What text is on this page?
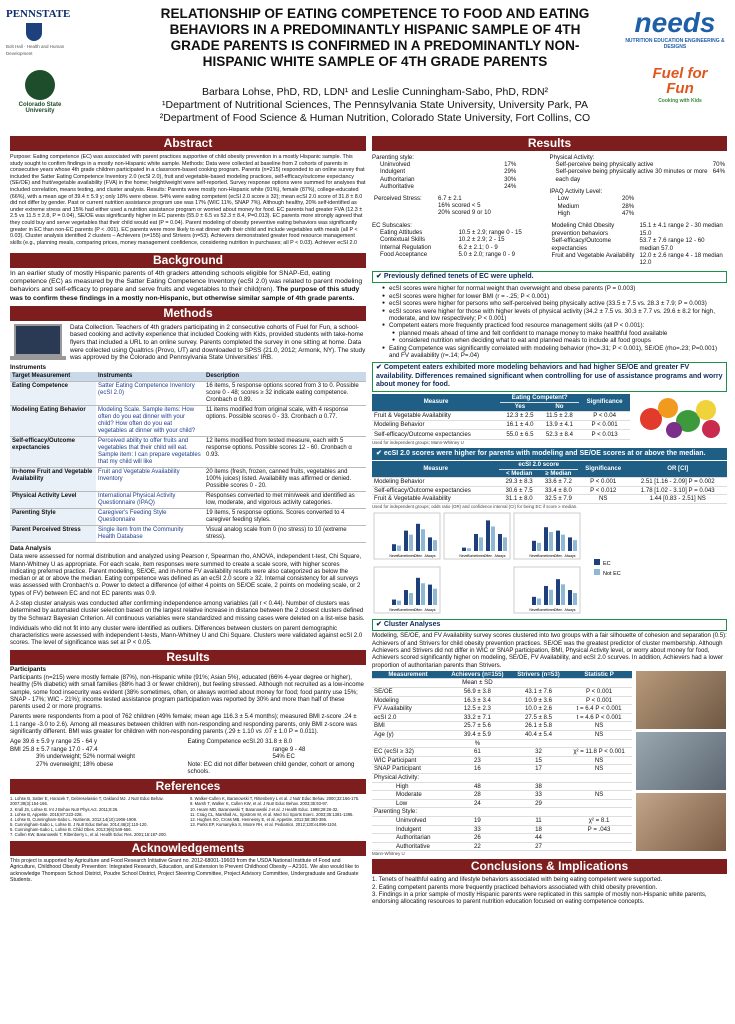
PENNSTATE
Bolt Hall · Health and Human Development
Colorado State University
RELATIONSHIP OF EATING COMPETENCE TO FOOD AND EATING BEHAVIORS IN A PREDOMINANTLY HISPANIC SAMPLE OF 4TH GRADE PARENTS IS CONFIRMED IN A PREDOMINANTLY NON-HISPANIC WHITE SAMPLE OF 4TH GRADE PARENTS
Barbara Lohse, PhD, RD, LDN¹ and Leslie Cunningham-Sabo, PhD, RDN²
¹Department of Nutritional Sciences, The Pennsylvania State University, University Park, PA
²Department of Food Science & Human Nutrition, Colorado State University, Fort Collins, CO
needs
NUTRITION EDUCATION ENGINEERING & DESIGNS
Fuel for Fun
Cooking with Kids
Abstract
Purpose: Eating competence (EC) was associated with parent practices supportive of child obesity prevention in a mostly Hispanic sample. This study sought to confirm findings in a mostly non-Hispanic white sample. Methods: Data were collected at baseline from 2 cohorts of parents in consecutive years whose 4th grade children participated in a classroom-based cooking program. Parents (n=215) responded to an online survey that included the Satter Eating Competence Inventory 2.0 (ecSI 2.0), fruit and vegetable-based modeling practices, self-efficacy/outcome expectancy (SE/OE) and fruit/vegetable availability (FVA) in the home; height/weight were self-reported. Survey response options were summed for analyses that included correlation, means testing, and cluster analysis. Results: Parents were mostly non-Hispanic white (91%), female (87%), college-educated (66%), with a mean age of 39.4 ± 5.9 y; only 18% were obese. 54% were eating competent (ecSI 2.0 score ≥ 32); mean ecSI 2.0 score of 31.8 ± 8.0 did not differ by gender. Past or current nutrition assistance program use was 17% (WIC 11%, SNAP 7%). Although healthy, 20% self-identified as under extreme stress and 15% had either used a nutrition assistance program or worried about money for food. EC parents had greater FVA (12.3 ± 2.5 vs 11.5 ± 2.8, P = 0.04), SE/OE was significantly higher in EC parents (55.0 ± 6.5 vs 52.3 ± 8.4, P=0.013). EC parents more strongly agreed that they could buy and serve vegetables that their child would eat (P = 0.04). Parent modeling of obesity preventive eating behaviors was significantly greater in EC than non-EC parents (P < .001). EC parents were more likely to eat dinner with their child and include vegetables with meals (all P < 0.03). Cluster analysis identified 2 clusters – Achievers (n=155) and Strivers (n=53). Achievers demonstrated greater food resource management skills (e.g., planning meals, comparing prices, money management confidence, considering nutrition in purchases; all P < 0.03). Achiever ecSI 2.0
Background
In an earlier study of mostly Hispanic parents of 4th graders attending schools eligible for SNAP-Ed, eating competence (EC) as measured by the Satter Eating Competence Inventory (ecSI 2.0) was related to parent modeling behaviors and self-efficacy to prepare and serve fruits and vegetables to their child(ren). The purpose of this study was to confirm these findings in a mostly non-Hispanic, but otherwise similar sample of 4th grade parents.
Methods
Data Collection. Teachers of 4th graders participating in 2 consecutive cohorts of Fuel for Fun, a school-based cooking and activity experience that included Cooking with Kids, provided students with take-home flyers that included a URL to an online survey. Parents completed the survey in one sitting at home. Data were collected using Qualtrics (Provo, UT) and downloaded to SPSS (21.0, 2012; Armonk, NY). The study was approved by the Colorado and Pennsylvania State Universities' IRB.
Instruments
Target Measurement	Instruments	Description
Eating Competence	Satter Eating Competence Inventory (ecSI 2.0)	16 items, 5 response options scored from 3 to 0. Possible score 0 - 48; scores ≥ 32 indicate eating competence. Cronbach α 0.89.
Modeling Eating Behavior	Modeling Scale. Sample items: How often do you eat dinner with your child? How often do you eat vegetables at dinner with your child?	11 items modified from original scale, with 4 response options. Possible scores 0 - 33. Cronbach α 0.77.
Self-efficacy/Outcome expectancies	Perceived ability to offer fruits and vegetables that their child will eat. Sample item: I can prepare vegetables that my child will like	12 items modified from tested measure, each with 5 response options. Possible scores 12 - 60. Cronbach α 0.93.
In-home Fruit and Vegetable Availability	Fruit and Vegetable Availability Inventory	20 items (fresh, frozen, canned fruits, vegetables and 100% juices) listed. Availability was affirmed or denied. Possible scores 0 - 20.
Physical Activity Level	International Physical Activity Questionnaire (IPAQ)	Responses converted to met min/week and identified as low, moderate, and vigorous activity categories.
Parenting Style	Caregiver's Feeding Style Questionnaire	19 items, 5 response options. Scores converted to 4 caregiver feeding styles.
Parent Perceived Stress	Single item from the Community Health Database	Visual analog scale from 0 (no stress) to 10 (extreme stress).
Data Analysis

Data were assessed for normal distribution and analyzed using Pearson r, Spearman rho, ANOVA, independent t-test, Chi Square, Mann-Whitney U as appropriate. For each scale, item responses were summed to create a scale score, with higher scores indicating preferred practice. Parent modeling, SE/OE, and in-home FV availability results were also categorized as below the median or at or above the median. Eating competence was defined as an ecSI 2.0 score ≥ 32. Internal consistency for all surveys was assessed with Cronbach's α. Power to detect a difference (of either 4 points on SE/OE scale, 2 points on modeling scale, or 2 types of FV) between EC and not EC parents was 0.9.

A 2-step cluster analysis was conducted after confirming independence among variables (all r < 0.44). Number of clusters was determined by automated cluster selection based on the largest relative increase in distance between the 2 closest clusters defined by the Schwarz Bayesian Criterion. All continuous variables were standardized and missing cases were deleted on a list-wise basis.

Individuals who did not fit into any cluster were identified as outliers. Differences between clusters on parent demographic characteristics were assessed with independent t-tests, Mann-Whitney U and Chi Square. Clusters were validated against ecSI 2.0 scores. The level of significance was set at P < 0.05.

Results
Participants

Participants (n=215) were mostly female (87%), non-Hispanic white (91%; Asian 5%), educated (66% 4-year degree or higher), healthy (5% diabetic) with small families (88% had 3 or fewer children), but feeling stressed. Although not recruited as a low-income sample, some food insecurity was evident (38% sometimes, often, or always worried about money for food; food pantry use 15%; SNAP - 17%; WIC - 21%); income tested assistance program participation was reported by 30% and more than half of these parents used 2 or more programs.

Parents were respondents from a pool of 762 children (49% female; mean age 116.3 ± 5.4 months); measured BMI z-score .24 ± 1.1 range -3.0 to 2.6). Among all measures between children with non-responding and responding parents, only BMI z-score was significantly different. BMI was greater for children with non-responding parents (.29 ± 1.10 vs .07 ± 1.0 P = 0.011).

Age 39.6 ± 5.9 y range 25 - 64 y
BMI 25.8 ± 5.7 range 17.0 - 47.4
3% underweight; 52% normal weight
27% overweight; 18% obese
Eating Competence ecSI.20 31.8 ± 8.0
range 9 - 48
54% EC
Note: EC did not differ between child gender, cohort or among schools.
References
1. Lohse B, Satter E, Horacek T, Gebreselassie T, Oakland MJ. J Nutr Educ Behav. 2007;39(3):154-166.
2. Krall JS, Lohse B. Int J Behav Nutr Phys Act. 2011;8:26.
3. Lohse B, Appetite. 2015;87:223-228.
4. Lohse B, Cunningham-Sabo L. Nutrients. 2012;14(10):1906-1909.
5. Cunningham-Sabo L, Lohse B. J Nutr Educ Behav. 2014;46(2):110-120.
6. Cunningham-Sabo L, Lohse B. Child Obes. 2013;9(6):549-556.
7. Cullen KW, Baranowski T, Rittenberry L, et al. Health Educ Res. 2001;16:187-200.
8. Walker-Cullen K, Baranowski T, Rittenberry L et al. J Nutr Educ Behav. 2000;32:166-175.
9. Marsh T, Walker K, Cullen KW, et al. J Nutr Educ Behav. 2003;35:93-97.
10. Hearn MD, Baranowski T, Baranowski J et al. J Health Educ. 1998;29:26-32.
11. Craig CL, Marshall AL, Sjostrom M, et al. Med Sci Sports Exerc. 2003;35:1381-1395.
12. Hughes SO, Cross MB, Hennessy E, et al. Appetite. 2012;58:393-395.
13. Parks EP, Kumanyika S, Moore RH, et al. Pediatrics. 2012;130:e1096-1104.
Acknowledgements
This project is supported by Agriculture and Food Research Initiative Grant no. 2012-68001-19603 from the USDA National Institute of Food and Agriculture, Childhood Obesity Prevention: Integrated Research, Education, and Extension to Prevent Childhood Obesity – A2101. We also would like to acknowledge Thompson School District, Poudre School District, Project Steering Committee, Project Advisory Committee, Undergraduate and Graduate Students.
Results
Parenting style:
Uninvolved	17%
Indulgent	29%
Authoritarian	30%
Authoritative	24%
Perceived Stress:	6.7 ± 2.1
	16% scored < 5
	20% scored 9 or 10
EC Subscales:
Eating Attitudes	10.5 ± 2.9; range 0 - 15
Contextual Skills	10.2 ± 2.9; 2 - 15
Internal Regulation	6.2 ± 2.1; 0 - 9
Food Acceptance	5.0 ± 2.0; range 0 - 9
Physical Activity:
Self-perceive being physically active	70%
Self-perceive being physically active 30 minutes or more each day	64%
IPAQ Activity Level:
Low	20%
Medium	28%
High	47%
Modeling Child Obesity prevention behaviors	15.1 ± 4.1 range 2 - 30 median 15.0
Self-efficacy/Outcome expectancies	53.7 ± 7.6 range 12 - 60 median 57.0
Fruit and Vegetable Availability	12.0 ± 2.6 range 4 - 18 median 12.0
✔ Previously defined tenets of EC were upheld.
● ecSI scores were higher for normal weight than overweight and obese parents (P = 0.003)
● ecSI scores were higher for lower BMI (r = -.25; P < 0.001)
● ecSI scores were higher for persons who self-perceived being physically active (33.5 ± 7.5 vs. 28.3 ± 7.9; P = 0.003)
● ecSI scores were higher for those with higher levels of physical activity (34.2 ± 7.5 vs. 30.3 ± 7.7 vs. 29.6 ± 8.2 for high, moderate, and low respectively; P < 0.001)
● Competent eaters more frequently practiced food resource management skills (all P < 0.001):
● planned meals ahead of time and felt confident to manage money to make healthful food available
● considered nutrition when deciding what to eat and planned meals to include all food groups
● Eating Competence was significantly correlated with modeling behavior (rho=.31; P < 0.001), SE/OE (rho=.23; P=0.001) and FV availability (r=.14; P=.04)
✔ Competent eaters exhibited more modeling behaviors and had higher SE/OE and greater FV availability. Differences remained significant when controlling for use of assistance programs and worry about money for food.
Measure	Eating Competent?		Significance
	Yes	No	
Fruit & Vegetable Availability	12.3 ± 2.5	11.5 ± 2.8	P < 0.04
Modeling Behavior	16.1 ± 4.0	13.9 ± 4.1	P < 0.001
Self-efficacy/Outcome expectancies	55.0 ± 6.5	52.3 ± 8.4	P < 0.013
Used for independent groups; Mann-Whitney U
✔ ecSI 2.0 scores were higher for parents with modeling and SE/OE scores at or above the median.
Measure	ecSI 2.0 score		Significance	OR [CI]
	< Median	≥ Median		
Modeling Behavior	29.3 ± 8.3	33.6 ± 7.2	P < 0.001	2.51 [1.16 - 2.09] P = 0.002
Self-efficacy/Outcome expectancies	30.6 ± 7.5	33.4 ± 8.0	P < 0.012	1.78 [1.02 - 3.10] P = 0.043
Fruit & Vegetable Availability	31.1 ± 8.0	32.5 ± 7.9	NS	1.44 [0.83 - 2.51] NS
Used for independent groups; odds ratio (OR) and confidence interval (CI) for being EC if score ≥ median.
Never
Sometimes
Often Always	Never
Sometimes
Often Always	Never
Sometimes
Often Always
Never
Sometimes
Often Always	Never
Sometimes
Often Always
EC
Not EC
✔ Cluster Analyses
Modeling, SE/OE, and FV Availability survey scores clustered into two groups with a fair silhouette of cohesion and separation (0.5): Achievers of and Strivers for child obesity prevention practices. SE/OE was the greatest predictor of cluster membership. Although Achievers and Strivers did not differ in WIC or SNAP participation, BMI, Physical Activity level, or worry about money for food, Achievers scored significantly higher on modeling, SE/OE, FV Availability, and ecSI 2.0 scurves. In addition, Achievers had a lower proportion of authoritarian parents than Strivers.
Measurement	Achievers (n=155)	Strivers (n=53)	Statistic P
	Mean ± SD		
SE/OE	56.9 ± 3.8	43.1 ± 7.6	P < 0.001
Modeling	16.3 ± 3.4	10.9 ± 3.6	P < 0.001
FV Availability	12.5 ± 2.3	10.0 ± 2.6	t = 6.4 P < 0.001
ecSI 2.0	33.2 ± 7.1	27.5 ± 8.5	t = 4.6 P < 0.001
BMI	25.7 ± 5.6	26.1 ± 5.8	NS
Age (y)	39.4 ± 5.9	40.4 ± 5.4	NS
	%		
EC (ecSI ≥ 32)	61	32	χ² = 11.8 P < 0.001
WIC Participant	23	15	NS
SNAP Participant	16	17	NS
Physical Activity:			
High	48	38	
Moderate	28	33	NS
Low	24	29	
Parenting Style:			
Uninvolved	19	11	χ² = 8.1
Indulgent	33	18	P = .043
Authoritarian	26	44	
Authoritative	22	27	
Mann-Whitney U
Conclusions & Implications
1. Tenets of healthful eating and lifestyle behaviors associated with being eating competent were supported.
2. Eating competent parents more frequently practiced behaviors associated with child obesity prevention.
3. Findings in a prior sample of mostly Hispanic parents were replicated in this sample of mostly non-Hispanic white parents, endorsing allocating resources to parent nutrition education focused on eating competence concepts.
